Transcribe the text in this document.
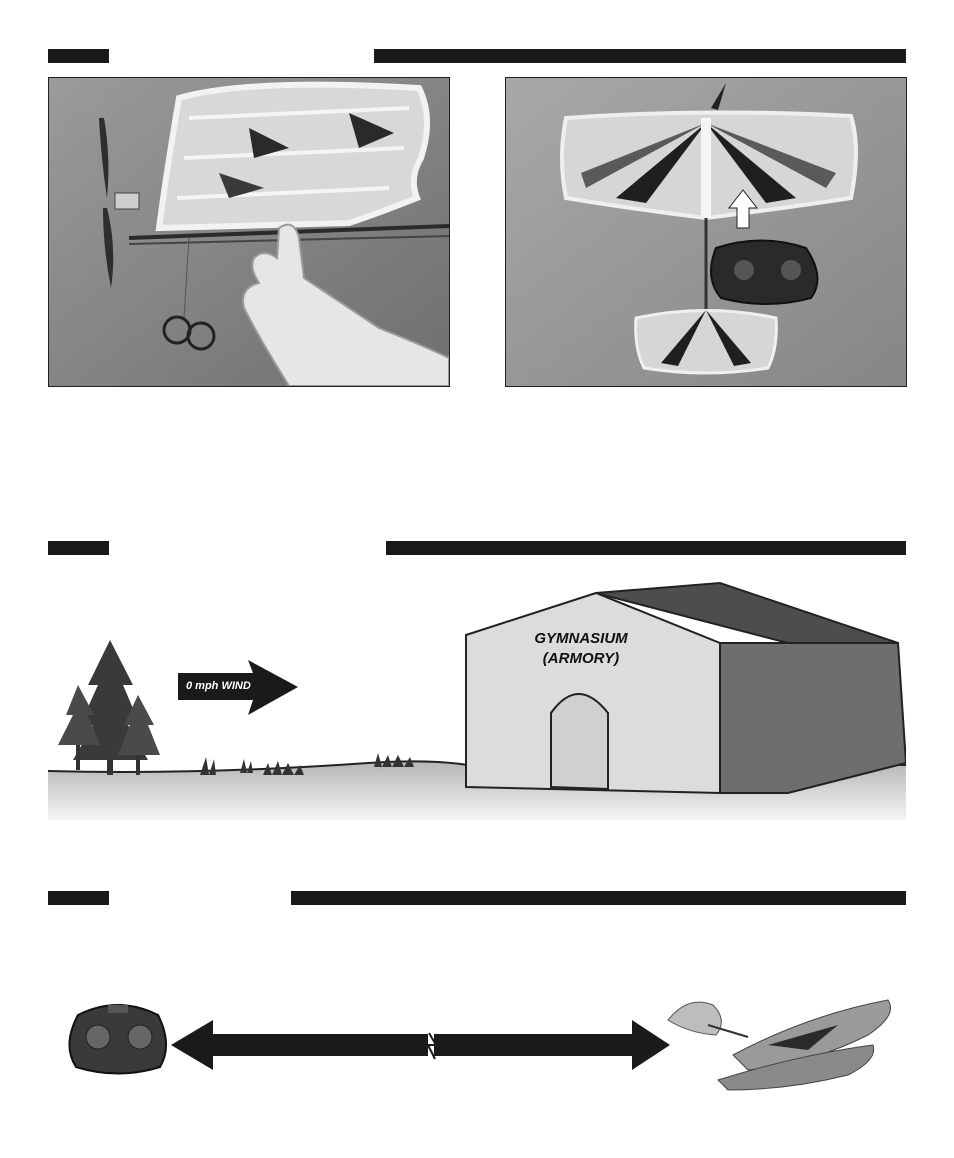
0 mph WIND
GYMNASIUM
(ARMORY)
